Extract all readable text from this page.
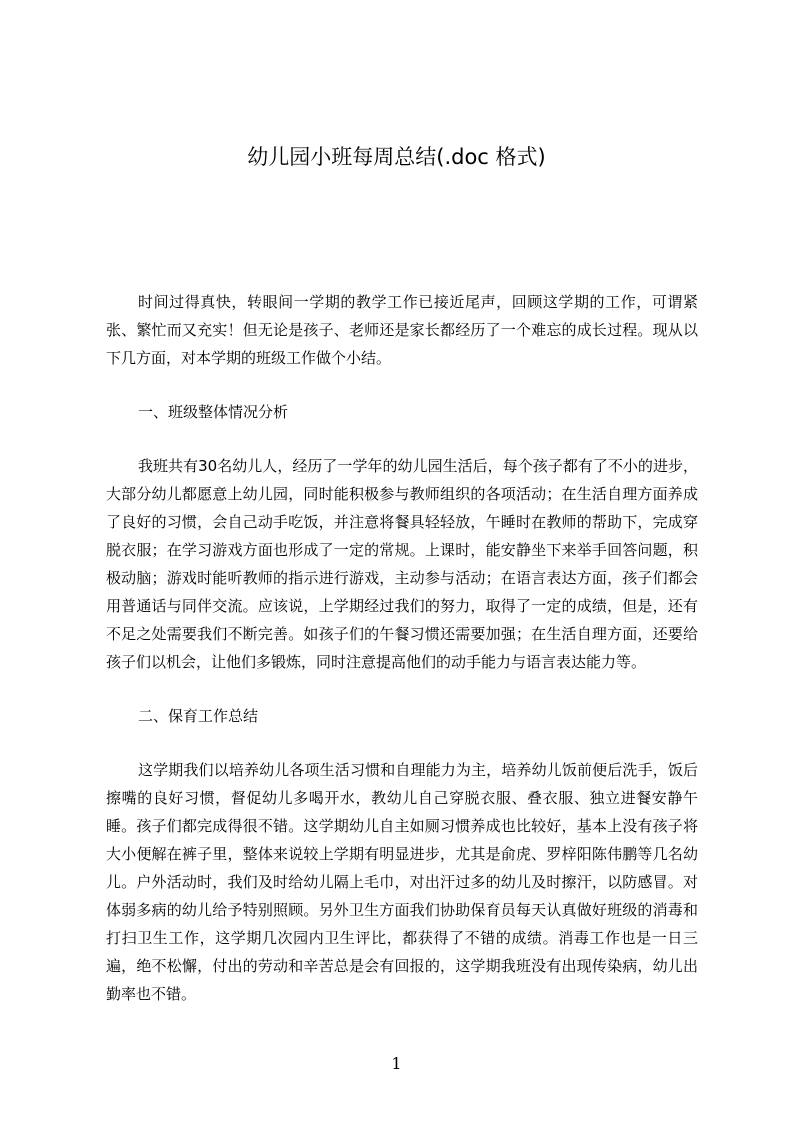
幼儿园小班每周总结(.doc 格式)

时间过得真快，转眼间一学期的教学工作已接近尾声，回顾这学期的工作，可谓紧张、繁忙而又充实！但无论是孩子、老师还是家长都经历了一个难忘的成长过程。现从以下几方面，对本学期的班级工作做个小结。

一、班级整体情况分析

我班共有30名幼儿人，经历了一学年的幼儿园生活后，每个孩子都有了不小的进步，大部分幼儿都愿意上幼儿园，同时能积极参与教师组织的各项活动；在生活自理方面养成了良好的习惯，会自己动手吃饭，并注意将餐具轻轻放，午睡时在教师的帮助下，完成穿脱衣服；在学习游戏方面也形成了一定的常规。上课时，能安静坐下来举手回答问题，积极动脑；游戏时能听教师的指示进行游戏，主动参与活动；在语言表达方面，孩子们都会用普通话与同伴交流。应该说，上学期经过我们的努力，取得了一定的成绩，但是，还有不足之处需要我们不断完善。如孩子们的午餐习惯还需要加强；在生活自理方面，还要给孩子们以机会，让他们多锻炼，同时注意提高他们的动手能力与语言表达能力等。

二、保育工作总结

这学期我们以培养幼儿各项生活习惯和自理能力为主，培养幼儿饭前便后洗手，饭后擦嘴的良好习惯，督促幼儿多喝开水，教幼儿自己穿脱衣服、叠衣服、独立进餐安静午睡。孩子们都完成得很不错。这学期幼儿自主如厕习惯养成也比较好，基本上没有孩子将大小便解在裤子里，整体来说较上学期有明显进步，尤其是俞虎、罗梓阳陈伟鹏等几名幼儿。户外活动时，我们及时给幼儿隔上毛巾，对出汗过多的幼儿及时擦汗，以防感冒。对体弱多病的幼儿给予特别照顾。另外卫生方面我们协助保育员每天认真做好班级的消毒和打扫卫生工作，这学期几次园内卫生评比，都获得了不错的成绩。消毒工作也是一日三遍，绝不松懈，付出的劳动和辛苦总是会有回报的，这学期我班没有出现传染病，幼儿出勤率也不错。

1
